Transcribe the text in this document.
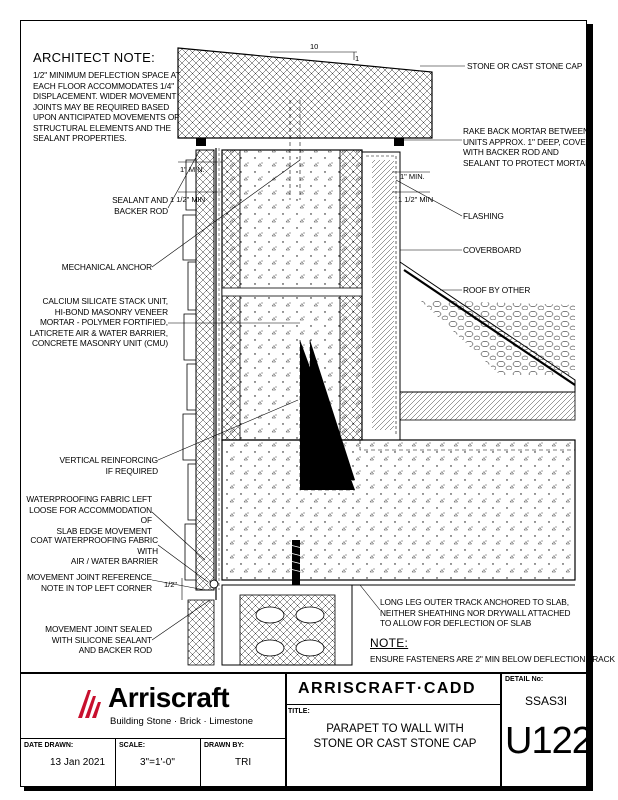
ARCHITECT NOTE:
1/2" MINIMUM DEFLECTION SPACE AT
EACH FLOOR ACCOMMODATES 1/4"
DISPLACEMENT. WIDER MOVEMENT
JOINTS MAY BE REQUIRED BASED
UPON ANTICIPATED MOVEMENTS OF
STRUCTURAL ELEMENTS AND THE
SEALANT PROPERTIES.
10
1
1" MIN.
1 1/2" MIN
1" MIN.
1 1/2" MIN
1/2"
SEALANT AND
BACKER ROD
MECHANICAL ANCHOR
CALCIUM SILICATE STACK UNIT,
HI-BOND MASONRY VENEER
MORTAR - POLYMER FORTIFIED,
LATICRETE AIR & WATER BARRIER,
CONCRETE MASONRY UNIT (CMU)
VERTICAL REINFORCING
IF REQUIRED
WATERPROOFING FABRIC LEFT
LOOSE FOR ACCOMMODATION OF
SLAB EDGE MOVEMENT
COAT WATERPROOFING FABRIC WITH
AIR / WATER BARRIER
MOVEMENT JOINT REFERENCE
NOTE IN TOP LEFT CORNER
MOVEMENT JOINT SEALED
WITH SILICONE SEALANT
AND BACKER ROD
STONE OR CAST STONE CAP
RAKE BACK MORTAR BETWEEN
UNITS APPROX. 1" DEEP, COVER
WITH BACKER ROD AND
SEALANT TO PROTECT MORTAR
FLASHING
COVERBOARD
ROOF BY OTHER
LONG LEG OUTER TRACK ANCHORED TO SLAB,
NEITHER SHEATHING NOR DRYWALL ATTACHED
TO ALLOW FOR DEFLECTION OF SLAB
NOTE:
ENSURE FASTENERS ARE 2" MIN BELOW DEFLECTION TRACK
Arriscraft
Building Stone · Brick · Limestone
ARRISCRAFT·CADD
TITLE:
PARAPET TO WALL WITH
STONE OR CAST STONE CAP
DETAIL No:
SSAS3I
U122
DATE DRAWN:
13 Jan 2021
SCALE:
3"=1'-0"
DRAWN BY:
TRI
